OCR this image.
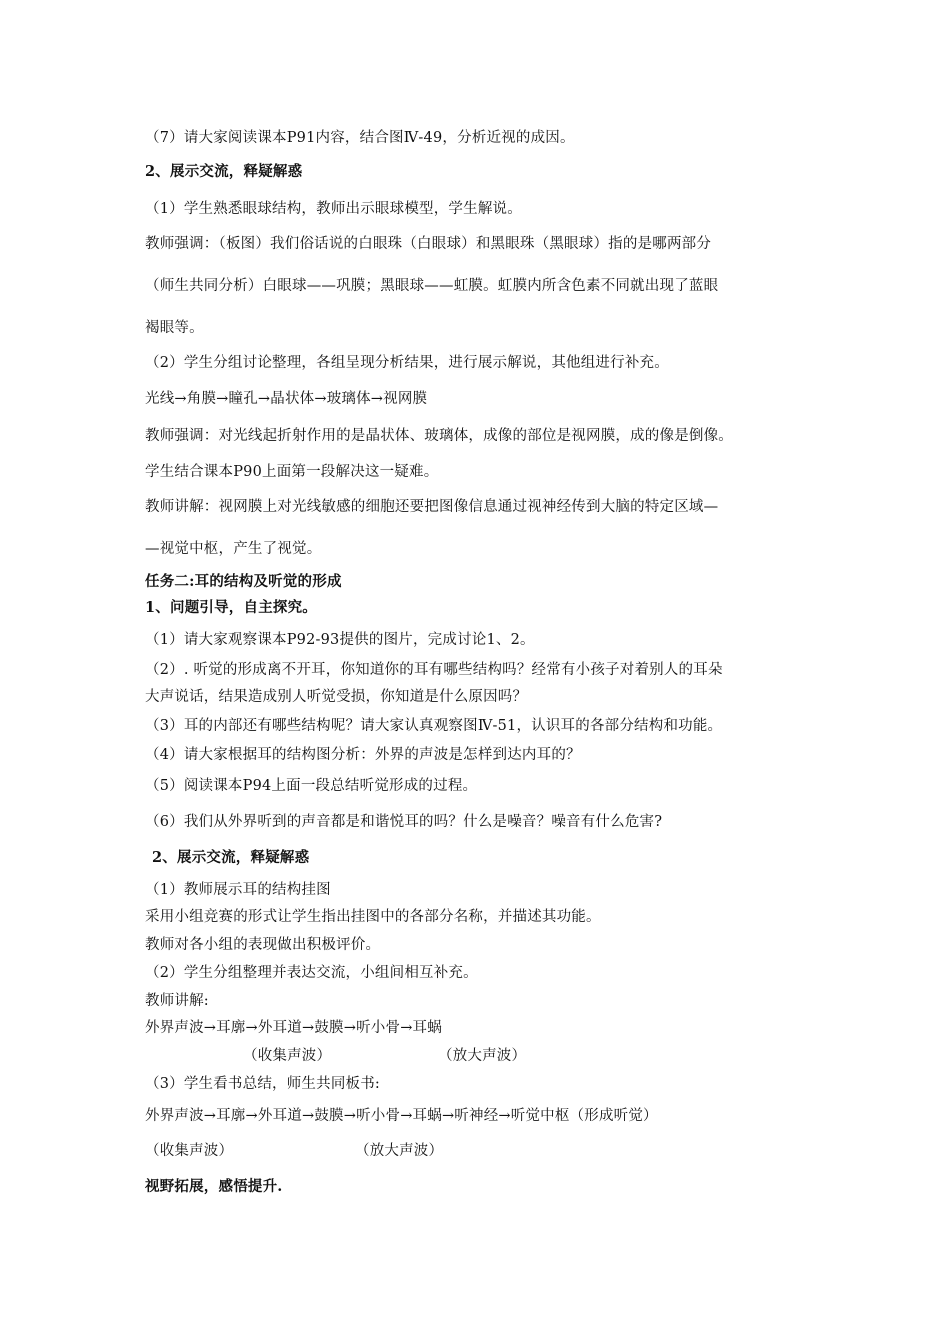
（7）请大家阅读课本P91内容，结合图Ⅳ-49，分析近视的成因。
2、展示交流，释疑解惑
（1）学生熟悉眼球结构，教师出示眼球模型，学生解说。
教师强调：（板图）我们俗话说的白眼珠（白眼球）和黑眼珠（黑眼球）指的是哪两部分
（师生共同分析）白眼球——巩膜；黑眼球——虹膜。虹膜内所含色素不同就出现了蓝眼
褐眼等。
（2）学生分组讨论整理，各组呈现分析结果，进行展示解说，其他组进行补充。
光线→角膜→瞳孔→晶状体→玻璃体→视网膜
教师强调：对光线起折射作用的是晶状体、玻璃体，成像的部位是视网膜，成的像是倒像。
学生结合课本P90上面第一段解决这一疑难。
教师讲解：视网膜上对光线敏感的细胞还要把图像信息通过视神经传到大脑的特定区域—
—视觉中枢，产生了视觉。
任务二:耳的结构及听觉的形成
1、问题引导，自主探究。
（1）请大家观察课本P92-93提供的图片，完成讨论1、2。
（2）. 听觉的形成离不开耳，你知道你的耳有哪些结构吗？经常有小孩子对着别人的耳朵
大声说话，结果造成别人听觉受损，你知道是什么原因吗？
（3）耳的内部还有哪些结构呢？请大家认真观察图Ⅳ-51，认识耳的各部分结构和功能。
（4）请大家根据耳的结构图分析：外界的声波是怎样到达内耳的？
（5）阅读课本P94上面一段总结听觉形成的过程。
（6）我们从外界听到的声音都是和谐悦耳的吗？什么是噪音？噪音有什么危害?
2、展示交流，释疑解惑
（1）教师展示耳的结构挂图
采用小组竞赛的形式让学生指出挂图中的各部分名称，并描述其功能。
教师对各小组的表现做出积极评价。
（2）学生分组整理并表达交流，小组间相互补充。
教师讲解:
外界声波→耳廓→外耳道→鼓膜→听小骨→耳蜗
（收集声波）	（放大声波）
（3）学生看书总结，师生共同板书:
外界声波→耳廓→外耳道→鼓膜→听小骨→耳蜗→听神经→听觉中枢（形成听觉）
（收集声波）	（放大声波）
视野拓展，感悟提升.
